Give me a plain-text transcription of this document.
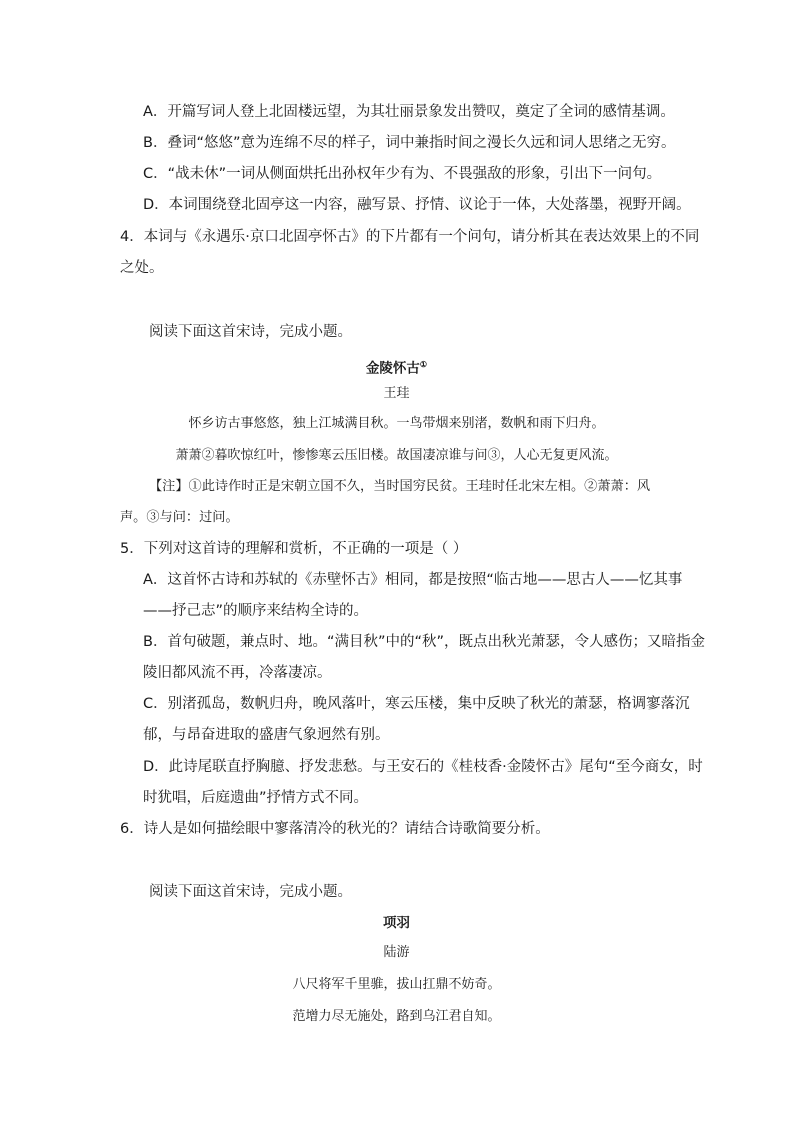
A．开篇写词人登上北固楼远望，为其壮丽景象发出赞叹，奠定了全词的感情基调。
B．叠词“悠悠”意为连绵不尽的样子，词中兼指时间之漫长久远和词人思绪之无穷。
C．“战未休”一词从侧面烘托出孙权年少有为、不畏强敌的形象，引出下一问句。
D．本词围绕登北固亭这一内容，融写景、抒情、议论于一体，大处落墨，视野开阔。
4．本词与《永遇乐·京口北固亭怀古》的下片都有一个问句，请分析其在表达效果上的不同
之处。
阅读下面这首宋诗，完成小题。
金陵怀古①
王珪
怀乡访古事悠悠，独上江城满目秋。一鸟带烟来别渚，数帆和雨下归舟。
萧萧②暮吹惊红叶，惨惨寒云压旧楼。故国凄凉谁与问③，人心无复更风流。
【注】①此诗作时正是宋朝立国不久，当时国穷民贫。王珪时任北宋左相。②萧萧：风
声。③与问：过问。
5．下列对这首诗的理解和赏析，不正确的一项是（ ）
A．这首怀古诗和苏轼的《赤壁怀古》相同，都是按照“临古地——思古人——忆其事
——抒己志”的顺序来结构全诗的。
B．首句破题，兼点时、地。“满目秋”中的“秋”，既点出秋光萧瑟，令人感伤；又暗指金
陵旧都风流不再，冷落凄凉。
C．别渚孤岛，数帆归舟，晚风落叶，寒云压楼，集中反映了秋光的萧瑟，格调寥落沉
郁，与昂奋进取的盛唐气象迥然有别。
D．此诗尾联直抒胸臆、抒发悲愁。与王安石的《桂枝香·金陵怀古》尾句“至今商女，时
时犹唱，后庭遗曲”抒情方式不同。
6．诗人是如何描绘眼中寥落清冷的秋光的？请结合诗歌简要分析。
阅读下面这首宋诗，完成小题。
项羽
陆游
八尺将军千里骓，拔山扛鼎不妨奇。
范增力尽无施处，路到乌江君自知。
